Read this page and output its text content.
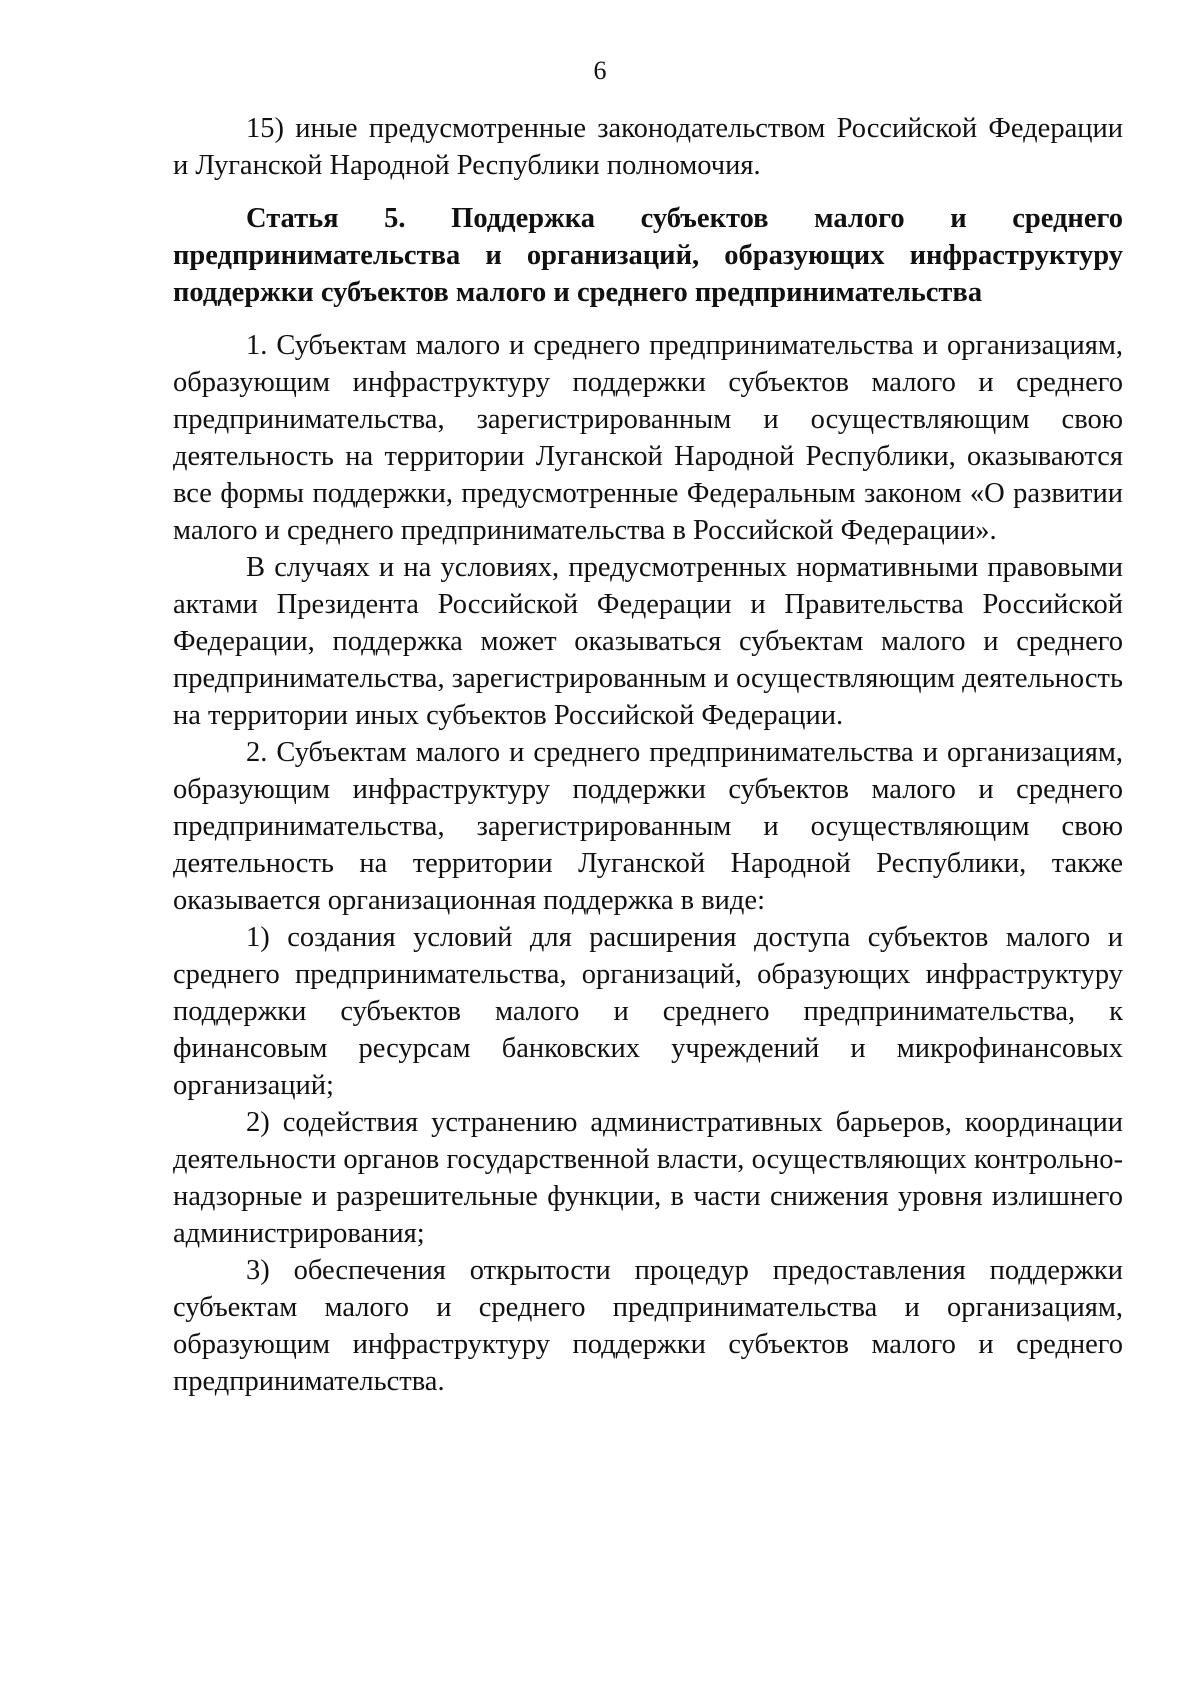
6

15) иные предусмотренные законодательством Российской Федерации и Луганской Народной Республики полномочия.

Статья 5. Поддержка субъектов малого и среднего предпринимательства и организаций, образующих инфраструктуру поддержки субъектов малого и среднего предпринимательства

1. Субъектам малого и среднего предпринимательства и организациям, образующим инфраструктуру поддержки субъектов малого и среднего предпринимательства, зарегистрированным и осуществляющим свою деятельность на территории Луганской Народной Республики, оказываются все формы поддержки, предусмотренные Федеральным законом «О развитии малого и среднего предпринимательства в Российской Федерации».

В случаях и на условиях, предусмотренных нормативными правовыми актами Президента Российской Федерации и Правительства Российской Федерации, поддержка может оказываться субъектам малого и среднего предпринимательства, зарегистрированным и осуществляющим деятельность на территории иных субъектов Российской Федерации.

2. Субъектам малого и среднего предпринимательства и организациям, образующим инфраструктуру поддержки субъектов малого и среднего предпринимательства, зарегистрированным и осуществляющим свою деятельность на территории Луганской Народной Республики, также оказывается организационная поддержка в виде:

1) создания условий для расширения доступа субъектов малого и среднего предпринимательства, организаций, образующих инфраструктуру поддержки субъектов малого и среднего предпринимательства, к финансовым ресурсам банковских учреждений и микрофинансовых организаций;

2) содействия устранению административных барьеров, координации деятельности органов государственной власти, осуществляющих контрольно-надзорные и разрешительные функции, в части снижения уровня излишнего администрирования;

3) обеспечения открытости процедур предоставления поддержки субъектам малого и среднего предпринимательства и организациям, образующим инфраструктуру поддержки субъектов малого и среднего предпринимательства.
